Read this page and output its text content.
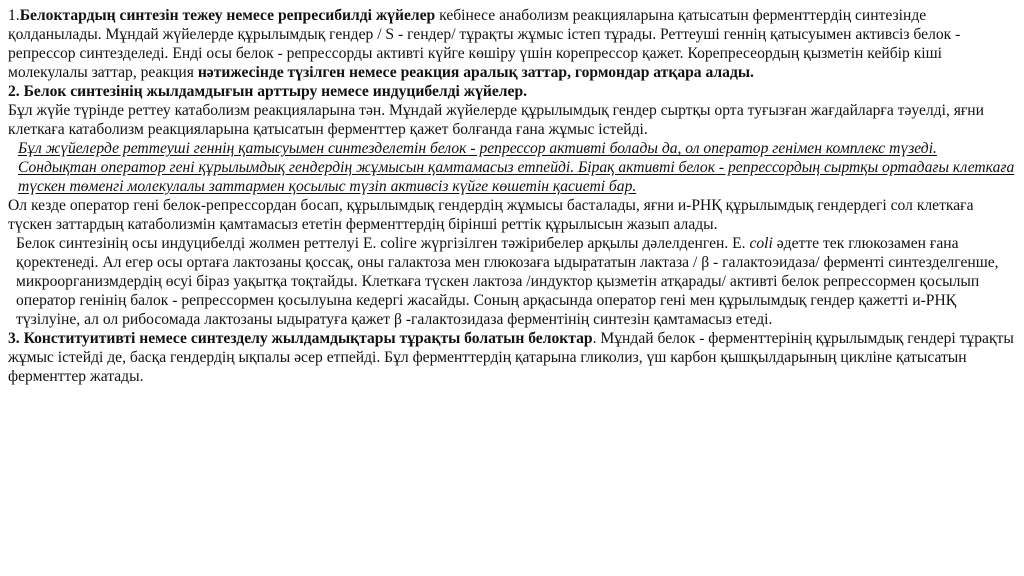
1.Белоктардың синтезін тежеу немесе репресибилді жүйелер кебінесе анаболизм реакцияларына қатысатын ферменттердің синтезінде қолданылады. Мұндай жүйелерде құрылымдық гендер / S - гендер/ тұрақты жұмыс істеп тұрады. Реттеуші геннің қатысуымен активсіз белок - репрессор синтезделеді. Енді осы белок - репрессорды активті күйге көшіру үшін корепрессор қажет. Корепресеордың қызметін кейбір кіші молекулалы заттар, реакция нәтижесінде түзілген немесе реакция аралық заттар, гормондар атқара алады.

2. Белок синтезінің жылдамдығын арттыру немесе индуцибелді жүйелер.

Бұл жүйе түрінде реттеу катаболизм реакцияларына тән. Мұндай жүйелерде құрылымдық гендер сыртқы орта туғызған жағдайларға тәуелді, яғни клеткаға катаболизм реакцияларына қатысатын ферменттер қажет болғанда ғана жұмыс істейді.

Бұл жүйелерде реттеуші геннің қатысуымен синтезделетін белок - репрессор активті болады да, ол оператор генімен комплекс түзеді. Сондықтан оператор гені құрылымдық гендердің жұмысын қамтамасыз етпейді. Бірақ активті белок - репрессордың сыртқы ортадағы клеткаға түскен төменгі молекулалы заттармен қосылыс түзіп активсіз күйге көшетін қасиеті бар.

Ол кезде оператор гені белок-репрессордан босап, құрылымдық гендердің жұмысы басталады, яғни и-РНҚ құрылымдық гендердегі сол клеткаға түскен заттардың катаболизмін қамтамасыз ететін ферменттердің бірінші реттік құрылысын жазып алады.

Белок синтезінің осы индуцибелді жолмен реттелуі Е. coliге жүргізілген тәжірибелер арқылы дәлелденген. Е. coli әдетте тек глюкозамен ғана қоректенеді. Ал егер осы ортаға лактозаны қоссақ, оны галактоза мен глюкозаға ыдырататын лактаза / β - галактоэидаза/ ферменті синтезделгенше, микроорганизмдердің өсуі біраз уақытқа тоқтайды. Клеткаға түскен лактоза /индуктор қызметін атқарады/ активті белок репрессормен қосылып оператор генінің балок - репрессормен қосылуына кедергі жасайды. Соның арқасында оператор гені мен құрылымдық гендер қажетті и-РНҚ түзілуіне, ал ол рибосомада лактозаны ыдыратуға қажет β -галактозидаза ферментінің синтезін қамтамасыз етеді.

3. Конституитивті немесе синтезделу жылдамдықтары тұрақты болатын белоктар. Мұндай белок - ферменттерінің құрылымдық гендері тұрақты жұмыс істейді де, басқа гендердің ықпалы әсер етпейді. Бұл ферменттердің қатарына гликолиз, үш карбон қышқылдарының цикліне қатысатын ферменттер жатады.
